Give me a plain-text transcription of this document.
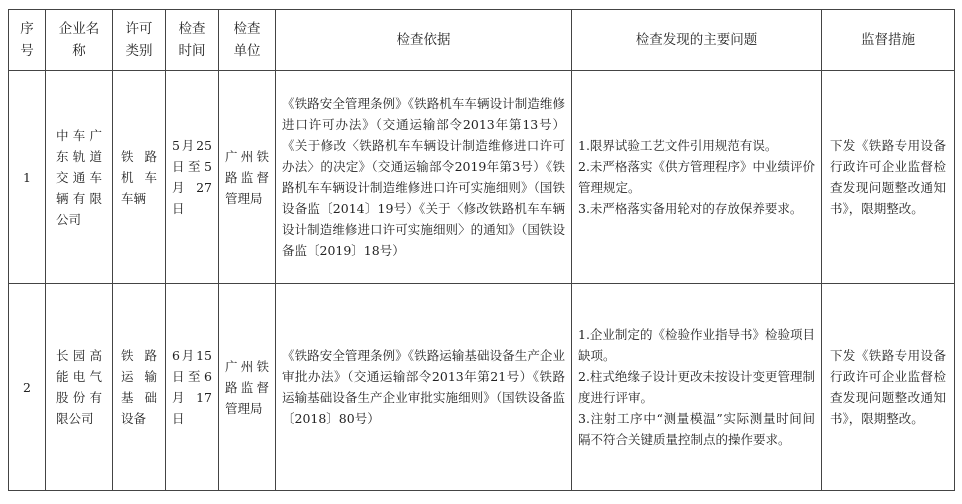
序
号	企业名称	许可类别	检查时间	检查单位	检查依据	检查发现的主要问题	监督措施
1	中车广东轨道交通车辆有限公司	铁路机车车辆	5月25日至5月27日	广州铁路监督管理局	《铁路安全管理条例》《铁路机车车辆设计制造维修进口许可办法》（交通运输部令2013年第13号）《关于修改〈铁路机车车辆设计制造维修进口许可办法〉的决定》（交通运输部令2019年第3号）《铁路机车车辆设计制造维修进口许可实施细则》（国铁设备监〔2014〕19号）《关于〈修改铁路机车车辆设计制造维修进口许可实施细则〉的通知》（国铁设备监〔2019〕18号）	1.限界试验工艺文件引用规范有误。
2.未严格落实《供方管理程序》中业绩评价管理规定。
3.未严格落实备用轮对的存放保养要求。	下发《铁路专用设备行政许可企业监督检查发现问题整改通知书》，限期整改。
2	长园高能电气股份有限公司	铁路运输基础设备	6月15日至6月17日	广州铁路监督管理局	《铁路安全管理条例》《铁路运输基础设备生产企业审批办法》（交通运输部令2013年第21号）《铁路运输基础设备生产企业审批实施细则》（国铁设备监〔2018〕80号）	1.企业制定的《检验作业指导书》检验项目缺项。
2.柱式绝缘子设计更改未按设计变更管理制度进行评审。
3.注射工序中“测量模温”实际测量时间间隔不符合关键质量控制点的操作要求。	下发《铁路专用设备行政许可企业监督检查发现问题整改通知书》，限期整改。
